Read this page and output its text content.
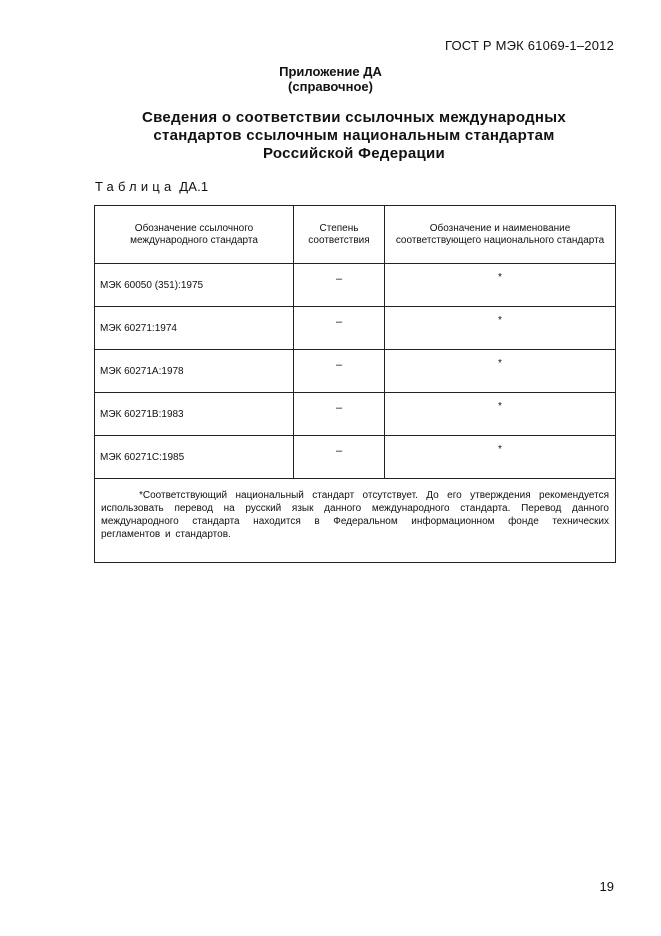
ГОСТ Р МЭК 61069-1–2012
Приложение ДА
(справочное)
Сведения о соответствии ссылочных международных
стандартов ссылочным национальным стандартам
Российской Федерации
Таблица ДА.1
Обозначение ссылочного международного стандарта	Степень соответствия	Обозначение и наименование соответствующего национального стандарта
МЭК 60050 (351):1975	–	*
МЭК 60271:1974	–	*
МЭК 60271А:1978	–	*
МЭК 60271В:1983	–	*
МЭК 60271С:1985	–	*

*Соответствующий национальный стандарт отсутствует. До его утверждения рекомендуется использовать перевод на русский язык данного международного стандарта. Перевод данного международного стандарта находится в Федеральном информационном фонде технических регламентов и стандартов.		
19
